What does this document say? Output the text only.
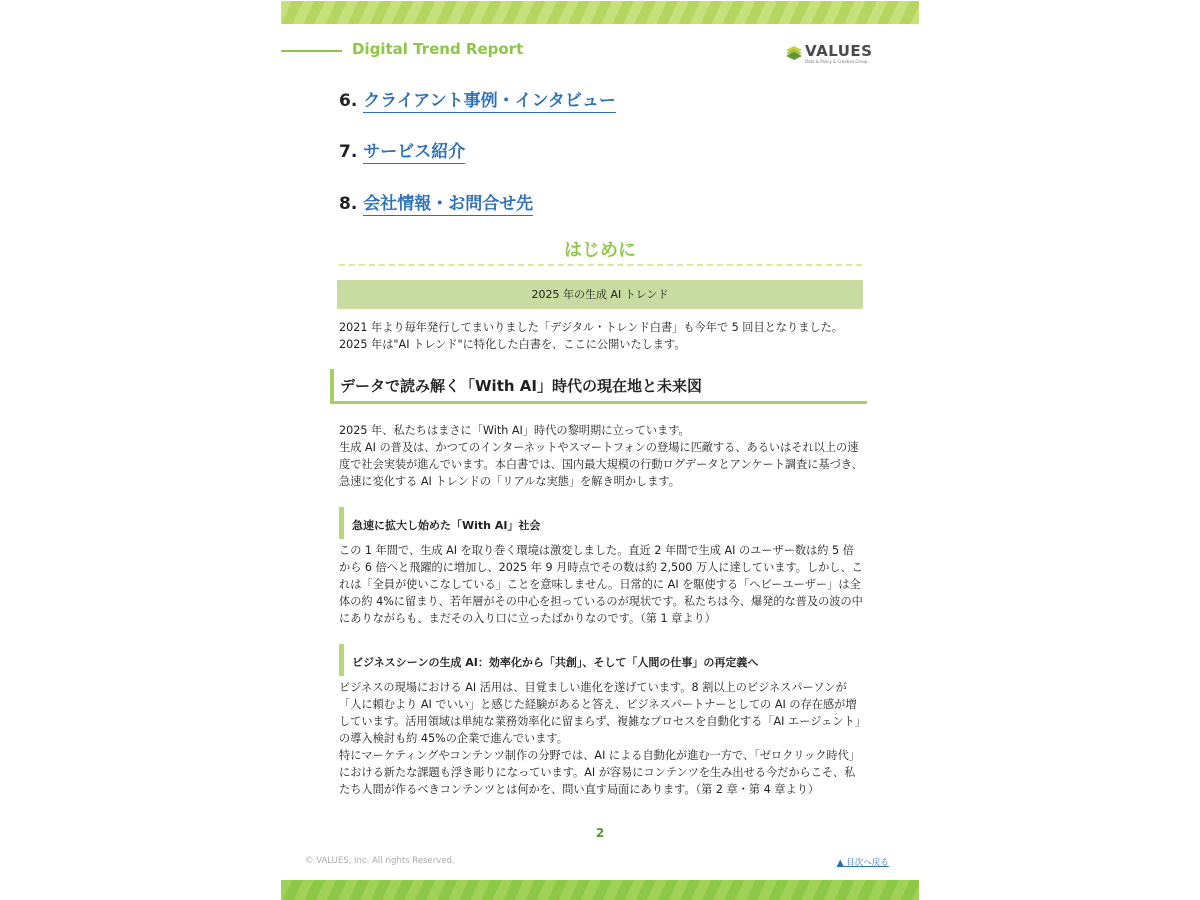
Digital Trend Report	VALUES
Data & Policy & Creative Group
6. クライアント事例・インタビュー
7. サービス紹介
8. 会社情報・お問合せ先
はじめに
2025 年の生成 AI トレンド

2021 年より毎年発行してまいりました「デジタル・トレンド白書」も今年で 5 回目となりました。2025 年は"AI トレンド"に特化した白書を、ここに公開いたします。

データで読み解く「With AI」時代の現在地と未来図

2025 年、私たちはまさに「With AI」時代の黎明期に立っています。

生成 AI の普及は、かつてのインターネットやスマートフォンの登場に匹敵する、あるいはそれ以上の速度で社会実装が進んでいます。本白書では、国内最大規模の行動ログデータとアンケート調査に基づき、急速に変化する AI トレンドの「リアルな実態」を解き明かします。

急速に拡大し始めた「With AI」社会

この 1 年間で、生成 AI を取り巻く環境は激変しました。直近 2 年間で生成 AI のユーザー数は約 5 倍から 6 倍へと飛躍的に増加し、2025 年 9 月時点でその数は約 2,500 万人に達しています。しかし、これは「全員が使いこなしている」ことを意味しません。日常的に AI を駆使する「ヘビーユーザー」は全体の約 4%に留まり、若年層がその中心を担っているのが現状です。私たちは今、爆発的な普及の波の中にありながらも、まだその入り口に立ったばかりなのです。（第 1 章より）

ビジネスシーンの生成 AI：効率化から「共創」、そして「人間の仕事」の再定義へ

ビジネスの現場における AI 活用は、目覚ましい進化を遂げています。8 割以上のビジネスパーソンが「人に頼むより AI でいい」と感じた経験があると答え、ビジネスパートナーとしての AI の存在感が増しています。活用領域は単純な業務効率化に留まらず、複雑なプロセスを自動化する「AI エージェント」の導入検討も約 45%の企業で進んでいます。

特にマーケティングやコンテンツ制作の分野では、AI による自動化が進む一方で、「ゼロクリック時代」における新たな課題も浮き彫りになっています。AI が容易にコンテンツを生み出せる今だからこそ、私たち人間が作るべきコンテンツとは何かを、問い直す局面にあります。（第 2 章・第 4 章より）

2
© VALUES, Inc. All rights Reserved.	▲ 目次へ戻る
